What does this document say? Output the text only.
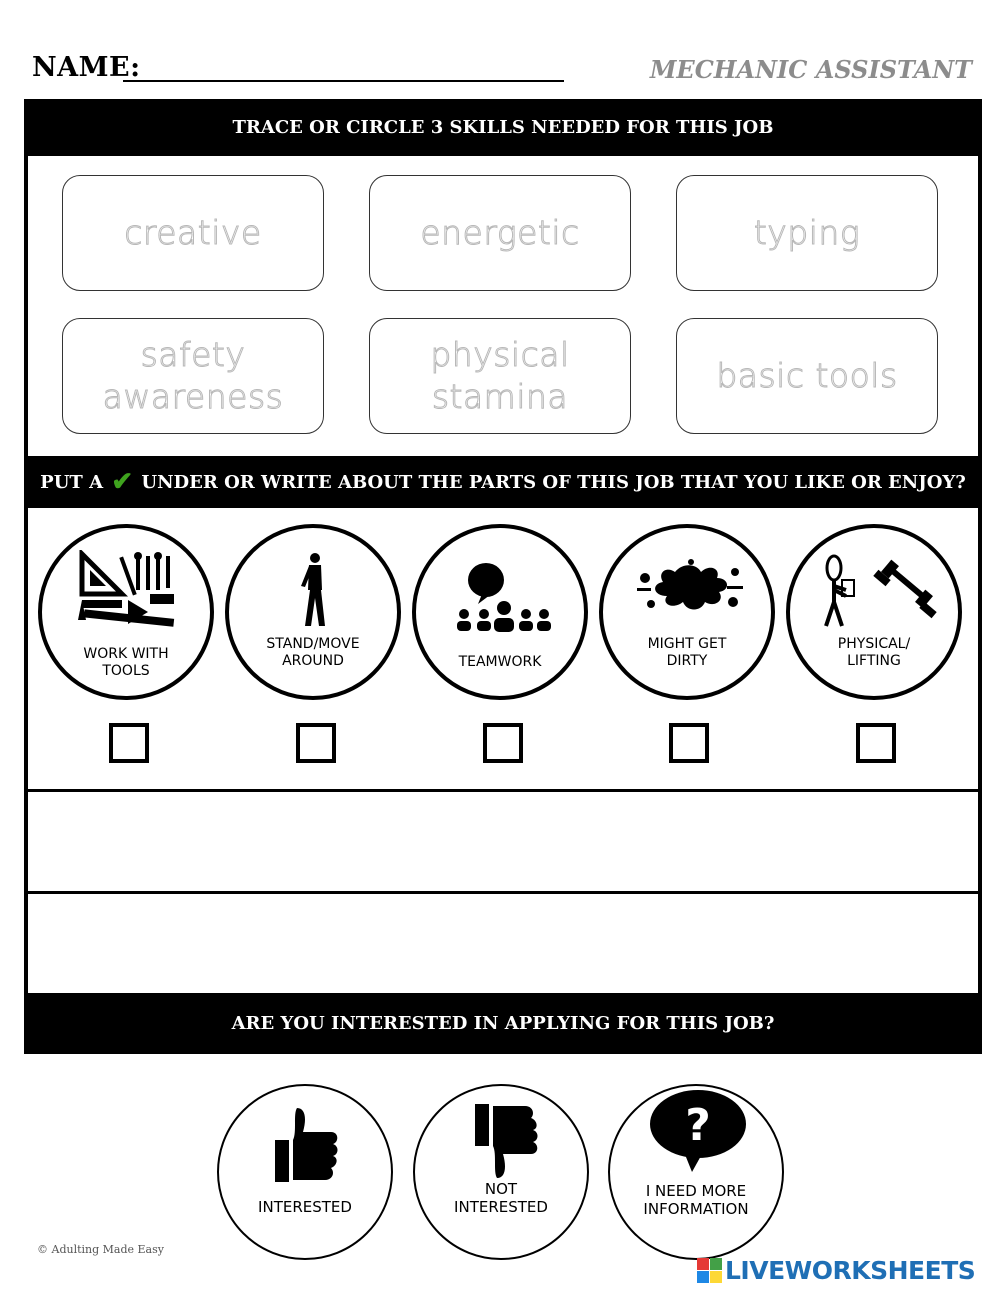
NAME:	MECHANIC ASSISTANT
TRACE OR CIRCLE 3 SKILLS NEEDED FOR THIS JOB
creative	energetic	typing
safety
awareness
physical
stamina
basic tools
PUT A ✔ UNDER OR WRITE ABOUT THE PARTS OF THIS JOB THAT YOU LIKE OR ENJOY?
WORK WITH
TOOLS
STAND/MOVE
AROUND	TEAMWORK
MIGHT GET
DIRTY
PHYSICAL/
LIFTING
ARE YOU INTERESTED IN APPLYING FOR THIS JOB?
INTERESTED
NOT
INTERESTED
?
I NEED MORE
INFORMATION
© Adulting Made Easy
LIVEWORKSHEETS
